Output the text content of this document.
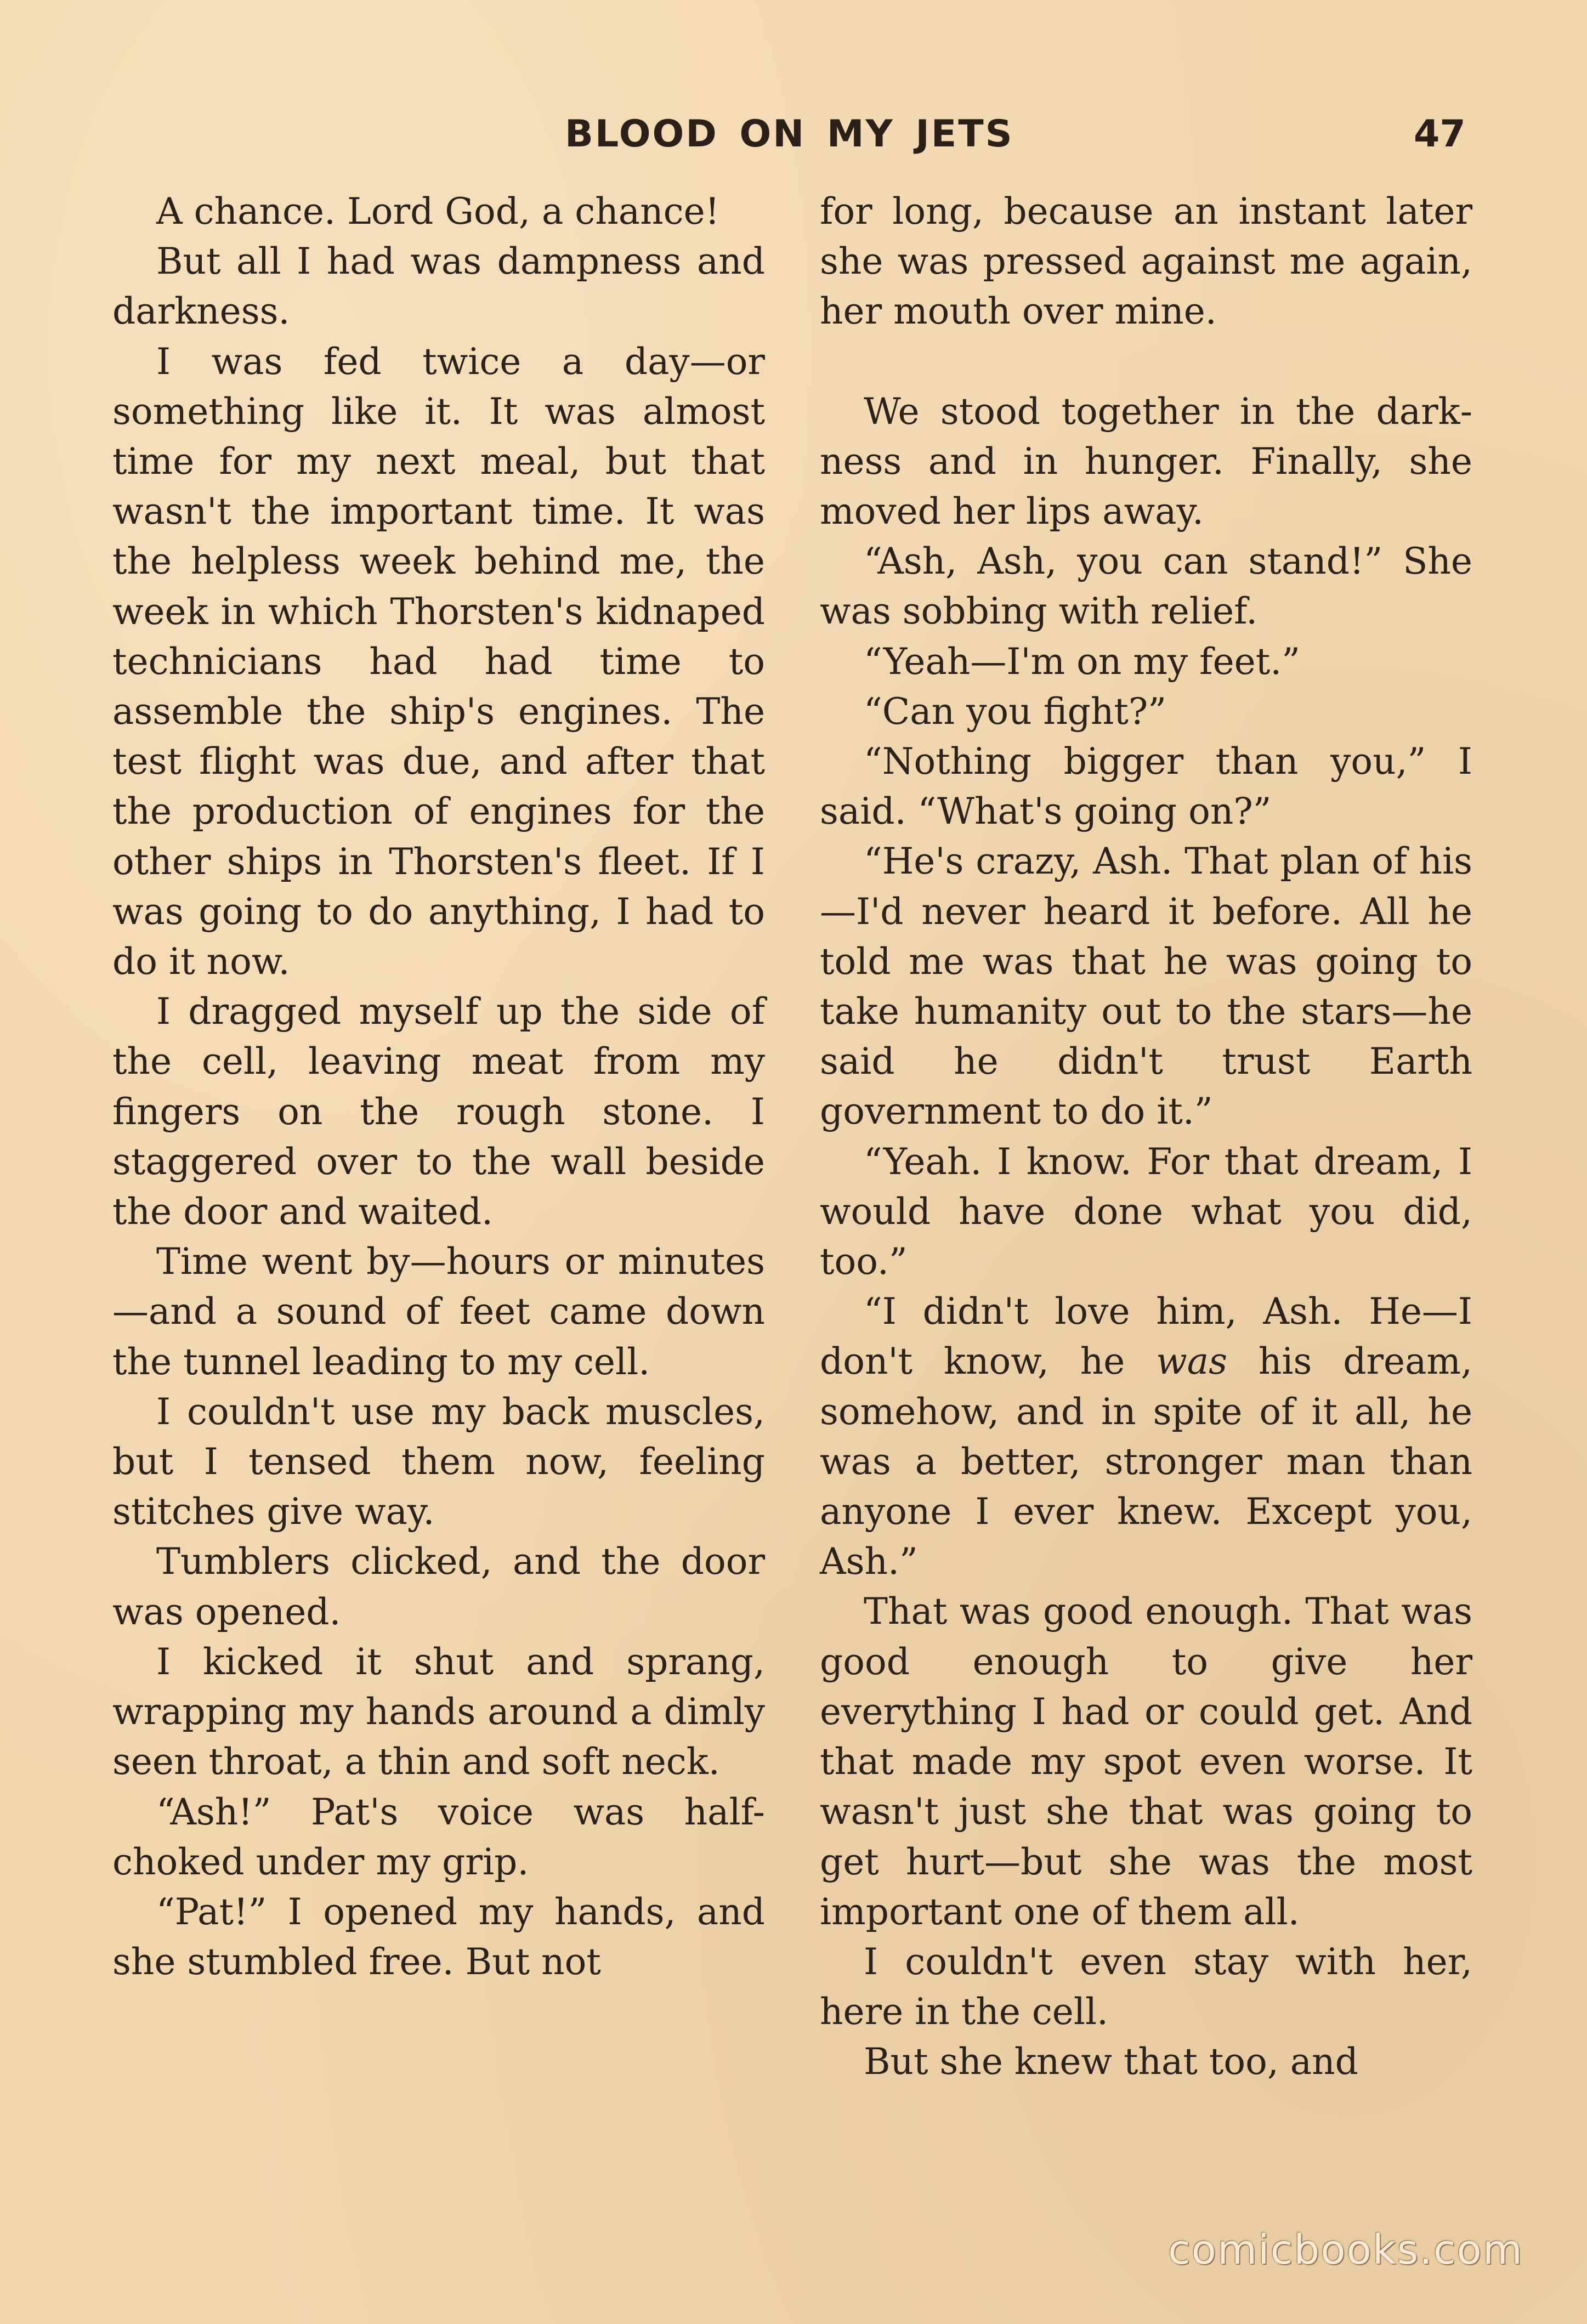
BLOOD ON MY JETS	47

A chance. Lord God, a chance!

But all I had was dampness and darkness.

I was fed twice a day—or something like it. It was almost time for my next meal, but that wasn't the important time. It was the helpless week behind me, the week in which Thorsten's kidnaped technicians had had time to assemble the ship's engines. The test flight was due, and after that the production of engines for the other ships in Thorsten's fleet. If I was going to do anything, I had to do it now.

I dragged myself up the side of the cell, leaving meat from my fingers on the rough stone. I staggered over to the wall beside the door and waited.

Time went by—hours or minutes—and a sound of feet came down the tunnel leading to my cell.

I couldn't use my back muscles, but I tensed them now, feeling stitches give way.

Tumblers clicked, and the door was opened.

I kicked it shut and sprang, wrapping my hands around a dimly seen throat, a thin and soft neck.

“Ash!” Pat's voice was half-choked under my grip.

“Pat!” I opened my hands, and she stumbled free. But not

for long, because an instant later she was pressed against me again, her mouth over mine.

We stood together in the darkness and in hunger. Finally, she moved her lips away.

“Ash, Ash, you can stand!” She was sobbing with relief.

“Yeah—I'm on my feet.”

“Can you fight?”

“Nothing bigger than you,” I said. “What's going on?”

“He's crazy, Ash. That plan of his—I'd never heard it before. All he told me was that he was going to take humanity out to the stars—he said he didn't trust Earth government to do it.”

“Yeah. I know. For that dream, I would have done what you did, too.”

“I didn't love him, Ash. He—I don't know, he was his dream, somehow, and in spite of it all, he was a better, stronger man than anyone I ever knew. Except you, Ash.”

That was good enough. That was good enough to give her everything I had or could get. And that made my spot even worse. It wasn't just she that was going to get hurt—but she was the most important one of them all.

I couldn't even stay with her, here in the cell.

But she knew that too, and

comicbooks.com
